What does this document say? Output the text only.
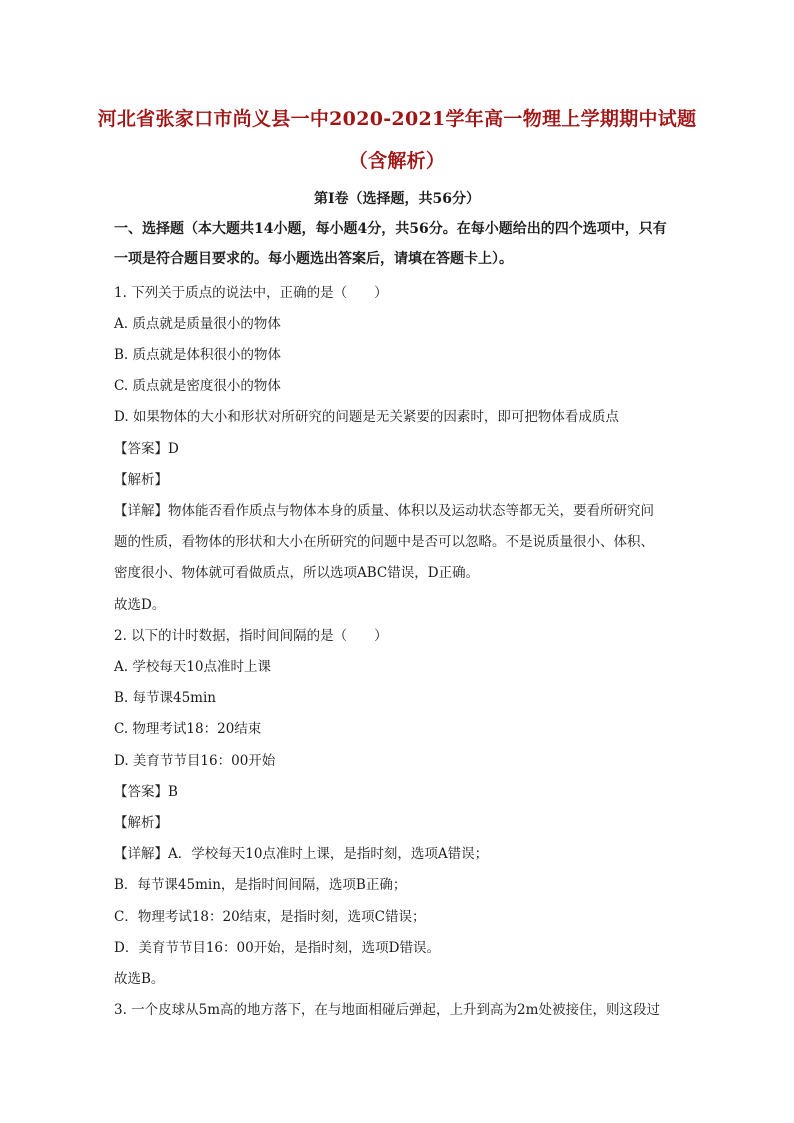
河北省张家口市尚义县一中2020-2021学年高一物理上学期期中试题
（含解析）
第I卷（选择题，共56分）
一、选择题（本大题共14小题，每小题4分，共56分。在每小题给出的四个选项中，只有
一项是符合题目要求的。每小题选出答案后，请填在答题卡上）。
1. 下列关于质点的说法中，正确的是（　　）
A. 质点就是质量很小的物体
B. 质点就是体积很小的物体
C. 质点就是密度很小的物体
D. 如果物体的大小和形状对所研究的问题是无关紧要的因素时，即可把物体看成质点
【答案】D
【解析】
【详解】物体能否看作质点与物体本身的质量、体积以及运动状态等都无关，要看所研究问
题的性质，看物体的形状和大小在所研究的问题中是否可以忽略。不是说质量很小、体积、
密度很小、物体就可看做质点，所以选项ABC错误，D正确。
故选D。
2. 以下的计时数据，指时间间隔的是（　　）
A. 学校每天10点准时上课
B. 每节课45min
C. 物理考试18：20结束
D. 美育节节目16：00开始
【答案】B
【解析】
【详解】A．学校每天10点准时上课，是指时刻，选项A错误；
B．每节课45min，是指时间间隔，选项B正确；
C．物理考试18：20结束，是指时刻，选项C错误；
D．美育节节目16：00开始，是指时刻，选项D错误。
故选B。
3. 一个皮球从5m高的地方落下，在与地面相碰后弹起，上升到高为2m处被接住，则这段过
